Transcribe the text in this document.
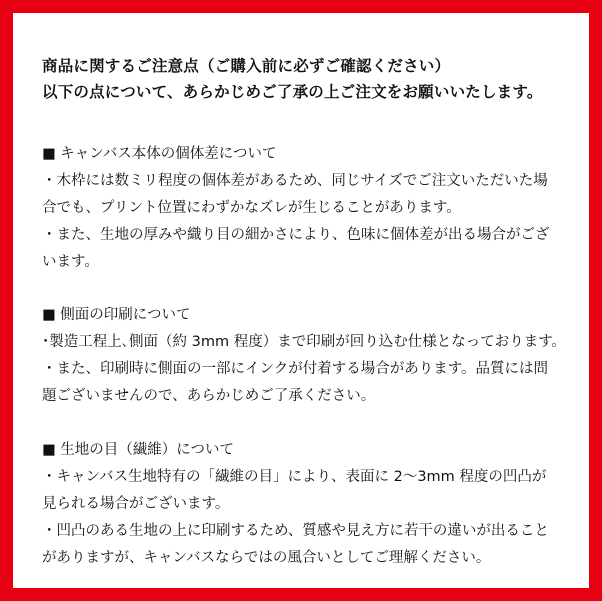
商品に関するご注意点（ご購入前に必ずご確認ください）
以下の点について、あらかじめご了承の上ご注文をお願いいたします。
■ キャンバス本体の個体差について
・木枠には数ミリ程度の個体差があるため、同じサイズでご注文いただいた場
合でも、プリント位置にわずかなズレが生じることがあります。
・また、生地の厚みや織り目の細かさにより、色味に個体差が出る場合がござ
います。
■ 側面の印刷について
･製造工程上､側面（約 3mm 程度）まで印刷が回り込む仕様となっております。
・また、印刷時に側面の一部にインクが付着する場合があります。品質には問
題ございませんので、あらかじめご了承ください。
■ 生地の目（繊維）について
・キャンバス生地特有の「繊維の目」により、表面に 2～3mm 程度の凹凸が
見られる場合がございます。
・凹凸のある生地の上に印刷するため、質感や見え方に若干の違いが出ること
がありますが、キャンバスならではの風合いとしてご理解ください。
